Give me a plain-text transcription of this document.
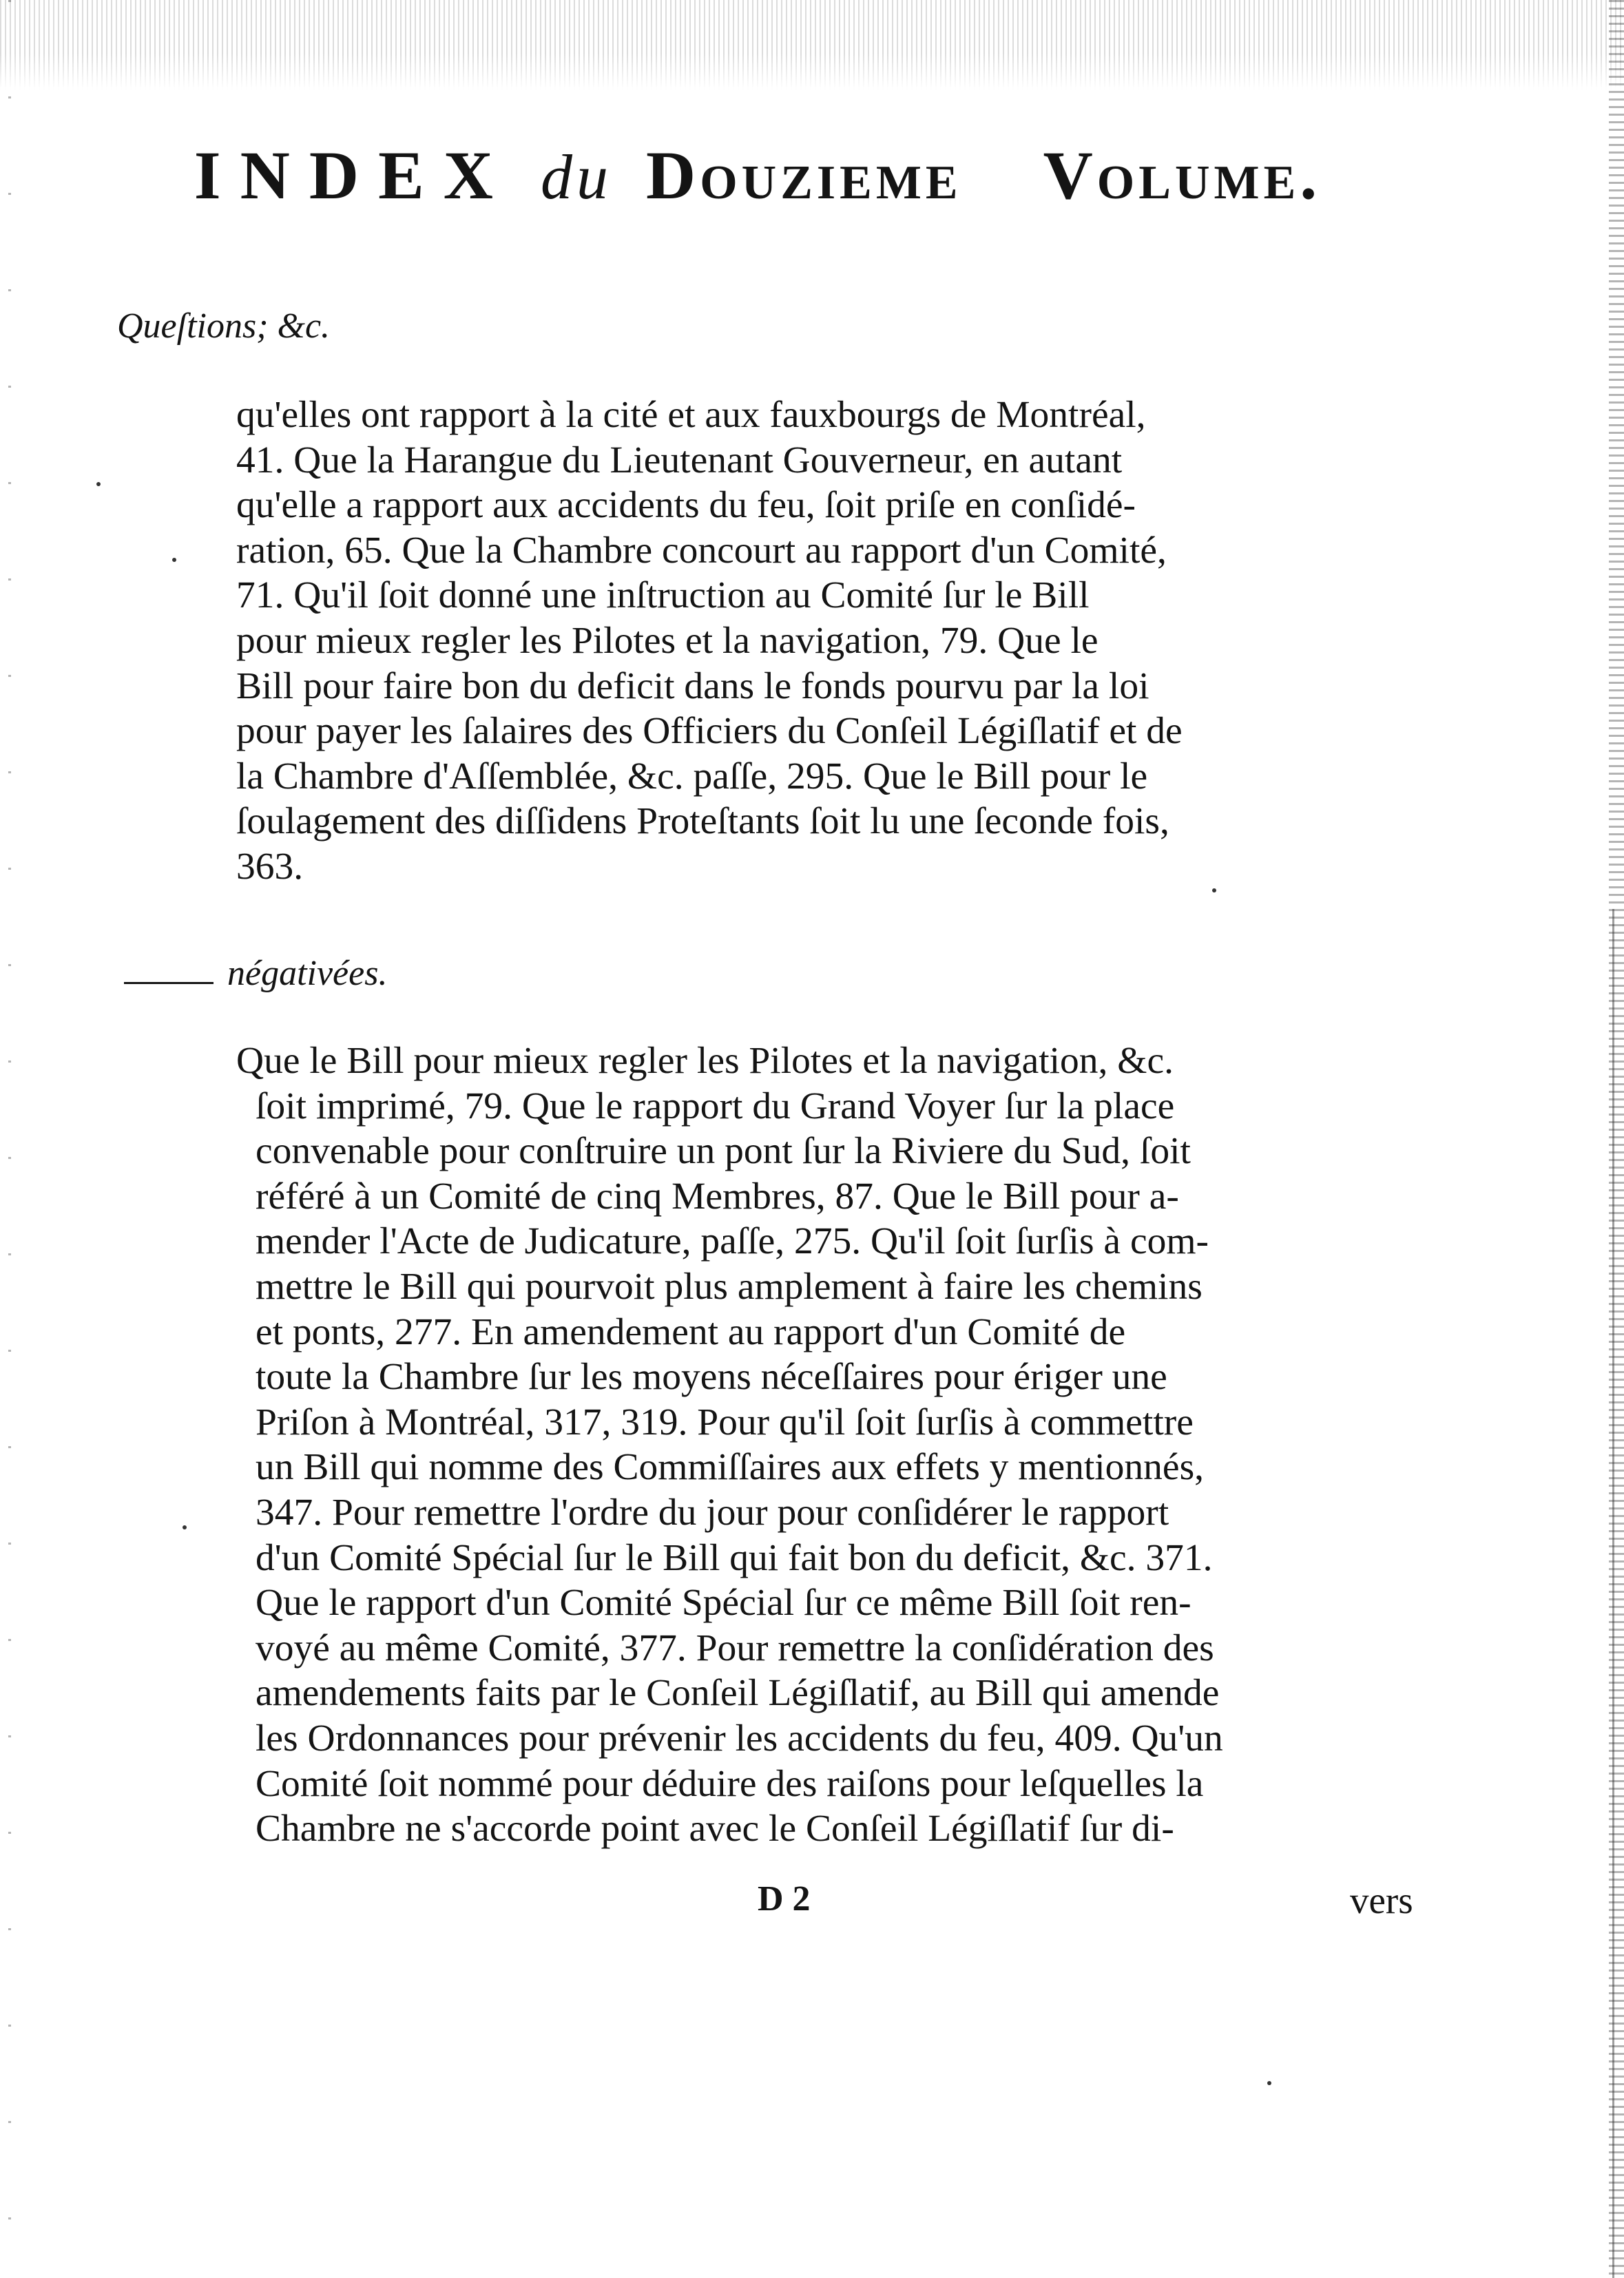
INDEX du Douzieme Volume.
Queſtions; &c.

qu'elles ont rapport à la cité et aux fauxbourgs de Montréal,
41. Que la Harangue du Lieutenant Gouverneur, en autant
qu'elle a rapport aux accidents du feu, ſoit priſe en conſidé-
ration, 65. Que la Chambre concourt au rapport d'un Comité,
71. Qu'il ſoit donné une inſtruction au Comité ſur le Bill
pour mieux regler les Pilotes et la navigation, 79. Que le
Bill pour faire bon du deficit dans le fonds pourvu par la loi
pour payer les ſalaires des Officiers du Conſeil Légiſlatif et de
la Chambre d'Aſſemblée, &c. paſſe, 295. Que le Bill pour le
ſoulagement des diſſidens Proteſtants ſoit lu une ſeconde fois,
363.

négativées.

Que le Bill pour mieux regler les Pilotes et la navigation, &c.
ſoit imprimé, 79. Que le rapport du Grand Voyer ſur la place
convenable pour conſtruire un pont ſur la Riviere du Sud, ſoit
référé à un Comité de cinq Membres, 87. Que le Bill pour a-
mender l'Acte de Judicature, paſſe, 275. Qu'il ſoit ſurſis à com-
mettre le Bill qui pourvoit plus amplement à faire les chemins
et ponts, 277. En amendement au rapport d'un Comité de
toute la Chambre ſur les moyens néceſſaires pour ériger une
Priſon à Montréal, 317, 319. Pour qu'il ſoit ſurſis à commettre
un Bill qui nomme des Commiſſaires aux effets y mentionnés,
347. Pour remettre l'ordre du jour pour conſidérer le rapport
d'un Comité Spécial ſur le Bill qui fait bon du deficit, &c. 371.
Que le rapport d'un Comité Spécial ſur ce même Bill ſoit ren-
voyé au même Comité, 377. Pour remettre la conſidération des
amendements faits par le Conſeil Légiſlatif, au Bill qui amende
les Ordonnances pour prévenir les accidents du feu, 409. Qu'un
Comité ſoit nommé pour déduire des raiſons pour leſquelles la
Chambre ne s'accorde point avec le Conſeil Légiſlatif ſur di-

D 2	vers
